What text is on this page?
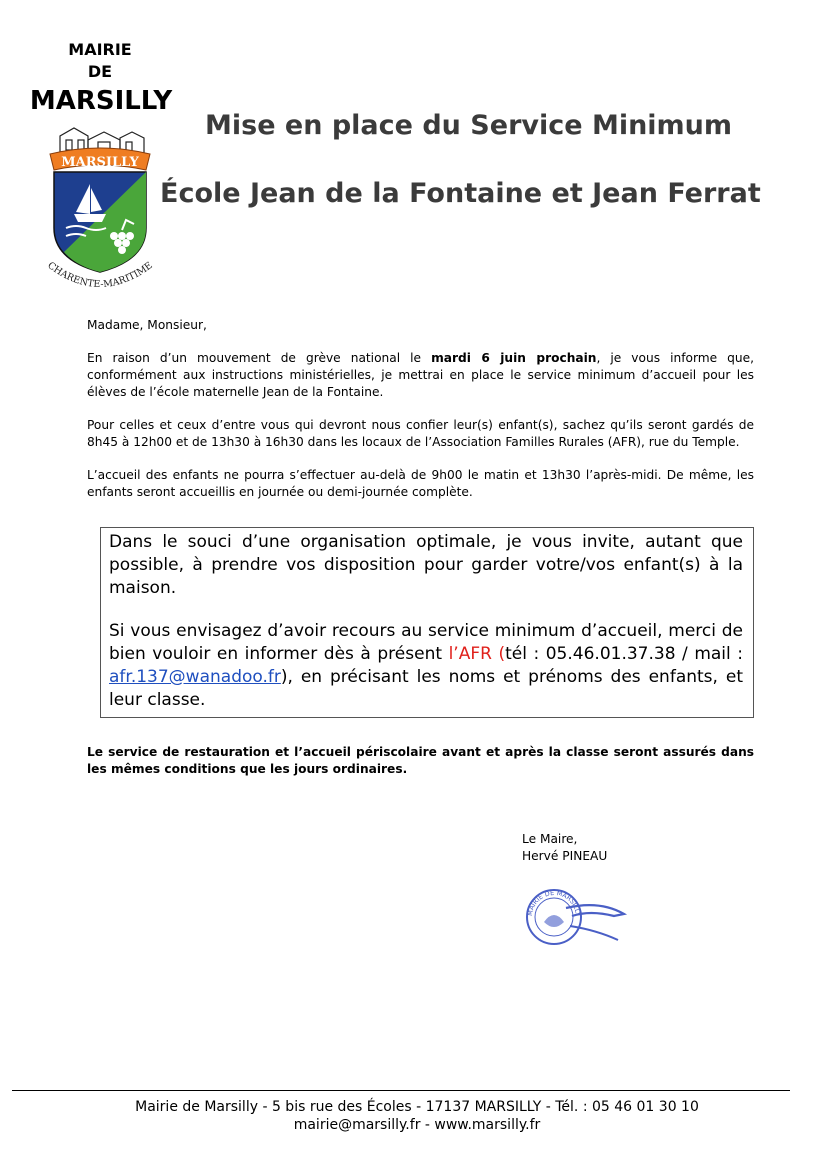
MAIRIE
DE
MARSILLY
MARSILLY
CHARENTE-MARITIME
Mise en place du Service Minimum
École Jean de la Fontaine et Jean Ferrat

Madame, Monsieur,

En raison d’un mouvement de grève national le mardi 6 juin prochain, je vous informe que, conformément aux instructions ministérielles, je mettrai en place le service minimum d’accueil pour les élèves de l’école maternelle Jean de la Fontaine.

Pour celles et ceux d’entre vous qui devront nous confier leur(s) enfant(s), sachez qu’ils seront gardés de 8h45 à 12h00 et de 13h30 à 16h30 dans les locaux de l’Association Familles Rurales (AFR), rue du Temple.

L’accueil des enfants ne pourra s’effectuer au-delà de 9h00 le matin et 13h30 l’après-midi. De même, les enfants seront accueillis en journée ou demi-journée complète.

Dans le souci d’une organisation optimale, je vous invite, autant que possible, à prendre vos disposition pour garder votre/vos enfant(s) à la maison.

Si vous envisagez d’avoir recours au service minimum d’accueil, merci de bien vouloir en informer dès à présent l’AFR (tél : 05.46.01.37.38 / mail : afr.137@wanadoo.fr), en précisant les noms et prénoms des enfants, et leur classe.

Le service de restauration et l’accueil périscolaire avant et après la classe seront assurés dans les mêmes conditions que les jours ordinaires.
Le Maire,
Hervé PINEAU
MAIRIE DE MARSILLY
Mairie de Marsilly - 5 bis rue des Écoles - 17137 MARSILLY - Tél. : 05 46 01 30 10
mairie@marsilly.fr - www.marsilly.fr
